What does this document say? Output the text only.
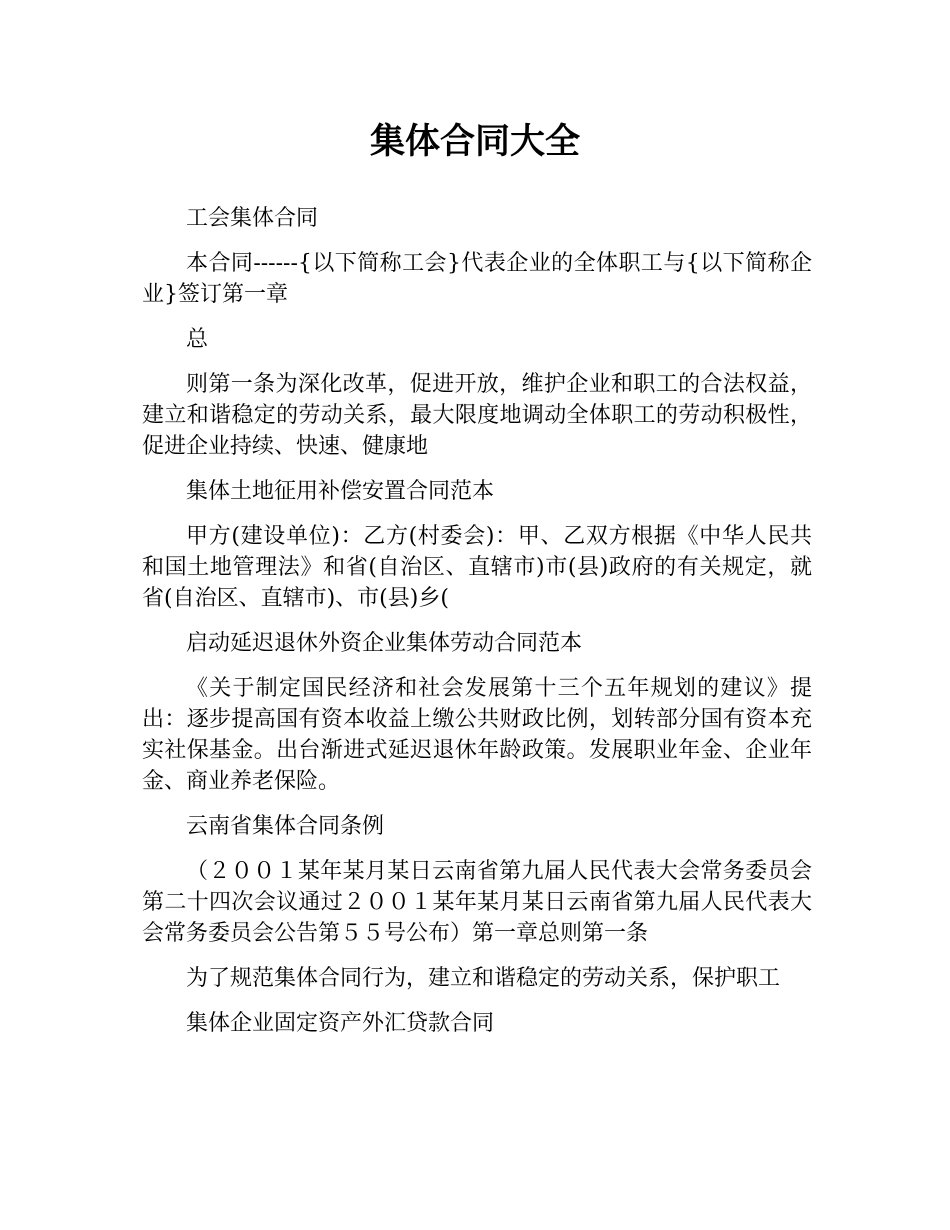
集体合同大全

工会集体合同

本合同------{以下简称工会}代表企业的全体职工与{以下简称企业}签订第一章

总

则第一条为深化改革，促进开放，维护企业和职工的合法权益，建立和谐稳定的劳动关系，最大限度地调动全体职工的劳动积极性，促进企业持续、快速、健康地

集体土地征用补偿安置合同范本

甲方(建设单位)：乙方(村委会)：甲、乙双方根据《中华人民共和国土地管理法》和省(自治区、直辖市)市(县)政府的有关规定，就省(自治区、直辖市)、市(县)乡(

启动延迟退休外资企业集体劳动合同范本

《关于制定国民经济和社会发展第十三个五年规划的建议》提出：逐步提高国有资本收益上缴公共财政比例，划转部分国有资本充实社保基金。出台渐进式延迟退休年龄政策。发展职业年金、企业年金、商业养老保险。

云南省集体合同条例

（２００１某年某月某日云南省第九届人民代表大会常务委员会第二十四次会议通过２００１某年某月某日云南省第九届人民代表大会常务委员会公告第５５号公布）第一章总则第一条

为了规范集体合同行为，建立和谐稳定的劳动关系，保护职工

集体企业固定资产外汇贷款合同
